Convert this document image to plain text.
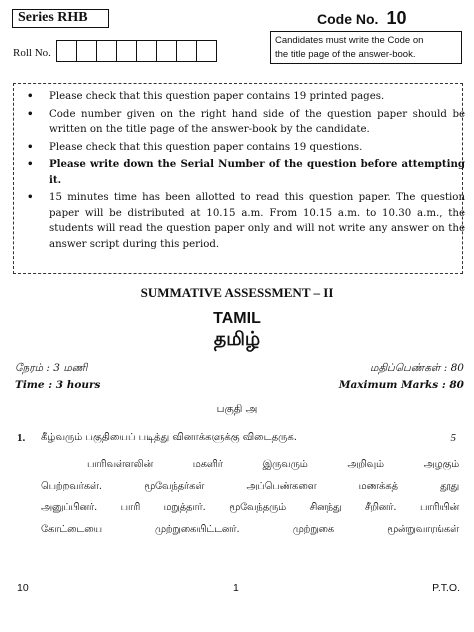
Series RHB	Code No. 10
Roll No.
Candidates must write the Code on
the title page of the answer-book.
• Please check that this question paper contains 19 printed pages.
• Code number given on the right hand side of the question paper should be written on the title page of the answer-book by the candidate.
• Please check that this question paper contains 19 questions.
• Please write down the Serial Number of the question before attempting it.
• 15 minutes time has been allotted to read this question paper. The question paper will be distributed at 10.15 a.m. From 10.15 a.m. to 10.30 a.m., the students will read the question paper only and will not write any answer on the answer script during this period.
SUMMATIVE ASSESSMENT – II
TAMIL
தமிழ்
நேரம் : 3 மணி	மதிப்பெண்கள் : 80
Time : 3 hours	Maximum Marks : 80
பகுதி அ
1. கீழ்வரும் பகுதியைப் படித்து வினாக்களுக்கு விடைதருக.	5
பாரிவள்ளலின் மகளிர் இருவரும் அறிவும் அழகும்
பெற்றவர்கள். மூவேந்தர்கள் அப்பெண்களை மணக்கத் தூது
அனுப்பினர். பாரி மறுத்தார். மூவேந்தரும் சினந்து சீறினர். பாரியின்
கோட்டையை முற்றுகையிட்டனர். முற்றுகை மூன்றுவாரங்கள்
10	1	P.T.O.
